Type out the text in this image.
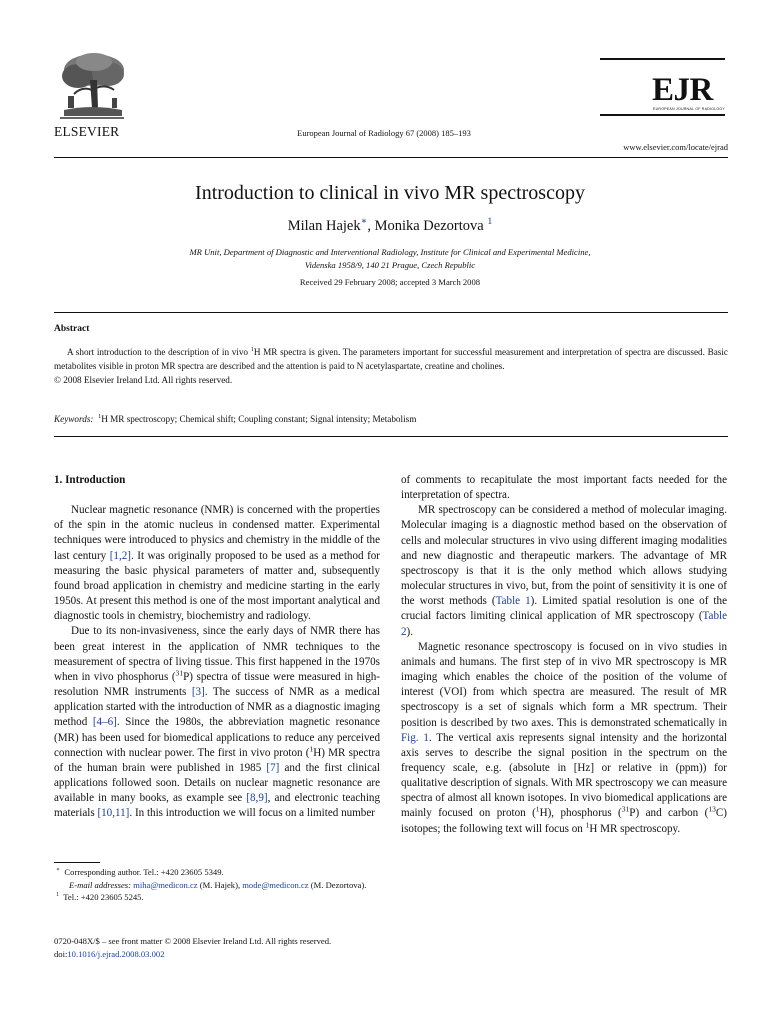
ELSEVIER	European Journal of Radiology 67 (2008) 185–193
EJR
EUROPEAN JOURNAL OF RADIOLOGY
www.elsevier.com/locate/ejrad
Introduction to clinical in vivo MR spectroscopy
Milan Hajek∗, Monika Dezortova $^1$
MR Unit, Department of Diagnostic and Interventional Radiology, Institute for Clinical and Experimental Medicine,
Videnska 1958/9, 140 21 Prague, Czech Republic
Received 29 February 2008; accepted 3 March 2008
Abstract

A short introduction to the description of in vivo $^1$H MR spectra is given. The parameters important for successful measurement and interpretation of spectra are discussed. Basic metabolites visible in proton MR spectra are described and the attention is paid to N acetylaspartate, creatine and cholines.

© 2008 Elsevier Ireland Ltd. All rights reserved.

Keywords: $^1$H MR spectroscopy; Chemical shift; Coupling constant; Signal intensity; Metabolism

1. Introduction

Nuclear magnetic resonance (NMR) is concerned with the properties of the spin in the atomic nucleus in condensed matter. Experimental techniques were introduced to physics and chemistry in the middle of the last century [1,2]. It was originally proposed to be used as a method for measuring the basic physical parameters of matter and, subsequently found broad application in chemistry and medicine starting in the early 1950s. At present this method is one of the most important analytical and diagnostic tools in chemistry, biochemistry and radiology.

Due to its non-invasiveness, since the early days of NMR there has been great interest in the application of NMR techniques to the measurement of spectra of living tissue. This first happened in the 1970s when in vivo phosphorus ($^{31}$P) spectra of tissue were measured in high-resolution NMR instruments [3]. The success of NMR as a medical application started with the introduction of NMR as a diagnostic imaging method [4–6]. Since the 1980s, the abbreviation magnetic resonance (MR) has been used for biomedical applications to reduce any perceived connection with nuclear power. The first in vivo proton ($^1$H) MR spectra of the human brain were published in 1985 [7] and the first clinical applications followed soon. Details on nuclear magnetic resonance are available in many books, as example see [8,9], and electronic teaching materials [10,11]. In this introduction we will focus on a limited number

of comments to recapitulate the most important facts needed for the interpretation of spectra.

MR spectroscopy can be considered a method of molecular imaging. Molecular imaging is a diagnostic method based on the observation of cells and molecular structures in vivo using different imaging modalities and new diagnostic and therapeutic markers. The advantage of MR spectroscopy is that it is the only method which allows studying molecular structures in vivo, but, from the point of sensitivity it is one of the worst methods (Table 1). Limited spatial resolution is one of the crucial factors limiting clinical application of MR spectroscopy (Table 2).

Magnetic resonance spectroscopy is focused on in vivo studies in animals and humans. The first step of in vivo MR spectroscopy is MR imaging which enables the choice of the position of the volume of interest (VOI) from which spectra are measured. The result of MR spectroscopy is a set of signals which form a MR spectrum. Their position is described by two axes. This is demonstrated schematically in Fig. 1. The vertical axis represents signal intensity and the horizontal axis serves to describe the signal position in the spectrum on the frequency scale, e.g. (absolute in [Hz] or relative in (ppm)) for qualitative description of signals. With MR spectroscopy we can measure spectra of almost all known isotopes. In vivo biomedical applications are mainly focused on proton ($^1$H), phosphorus ($^{31}$P) and carbon ($^{13}$C) isotopes; the following text will focus on $^1$H MR spectroscopy.

∗ Corresponding author. Tel.: +420 23605 5349.

E-mail addresses: miha@medicon.cz (M. Hajek), mode@medicon.cz (M. Dezortova).

$^1$ Tel.: +420 23605 5245.

0720-048X/$ – see front matter © 2008 Elsevier Ireland Ltd. All rights reserved.

doi:10.1016/j.ejrad.2008.03.002
